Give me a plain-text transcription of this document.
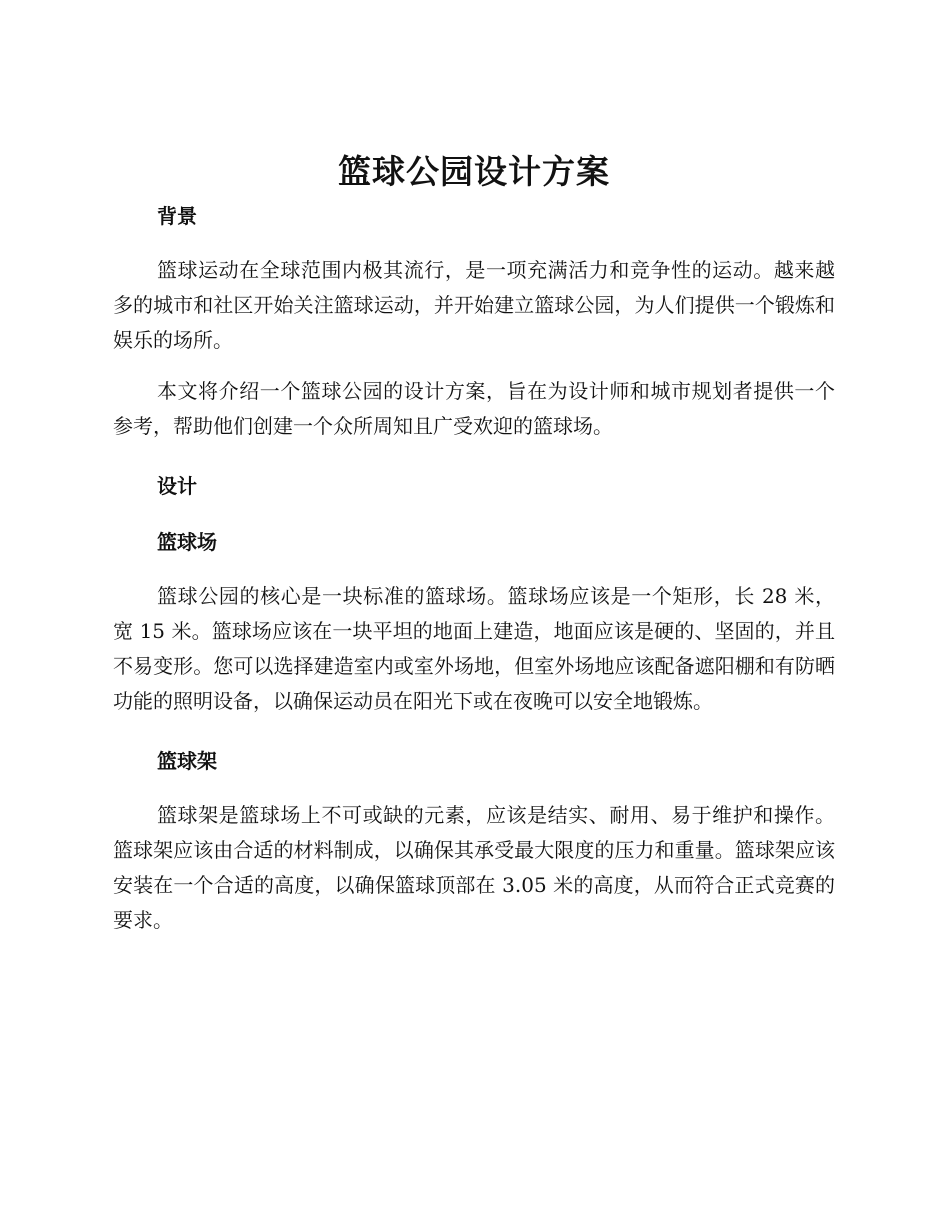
篮球公园设计方案
背景

篮球运动在全球范围内极其流行，是一项充满活力和竞争性的运动。越来越多的城市和社区开始关注篮球运动，并开始建立篮球公园，为人们提供一个锻炼和娱乐的场所。

本文将介绍一个篮球公园的设计方案，旨在为设计师和城市规划者提供一个参考，帮助他们创建一个众所周知且广受欢迎的篮球场。

设计
篮球场

篮球公园的核心是一块标准的篮球场。篮球场应该是一个矩形，长 28 米，宽 15 米。篮球场应该在一块平坦的地面上建造，地面应该是硬的、坚固的，并且不易变形。您可以选择建造室内或室外场地，但室外场地应该配备遮阳棚和有防晒功能的照明设备，以确保运动员在阳光下或在夜晚可以安全地锻炼。

篮球架

篮球架是篮球场上不可或缺的元素，应该是结实、耐用、易于维护和操作。篮球架应该由合适的材料制成，以确保其承受最大限度的压力和重量。篮球架应该安装在一个合适的高度，以确保篮球顶部在 3.05 米的高度，从而符合正式竞赛的要求。
